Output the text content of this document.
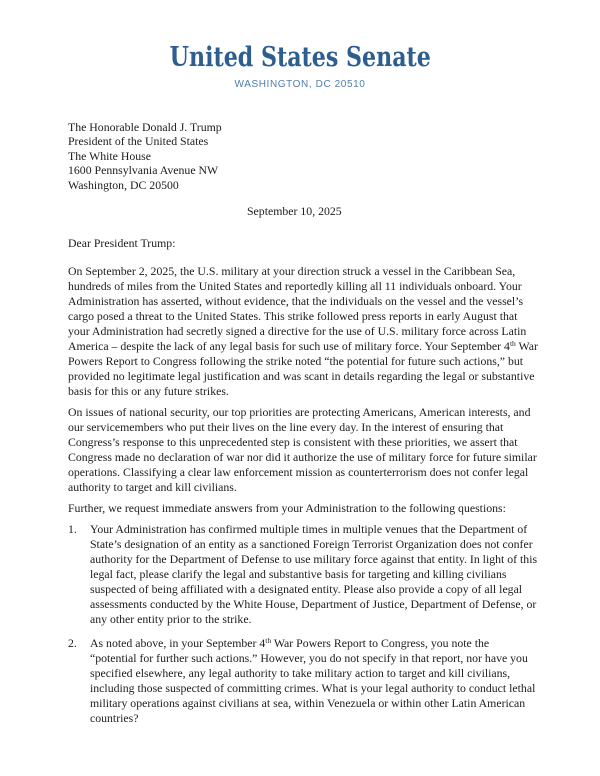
United States Senate
WASHINGTON, DC 20510
The Honorable Donald J. Trump
President of the United States
The White House
1600 Pennsylvania Avenue NW
Washington, DC 20500
September 10, 2025
Dear President Trump:

On September 2, 2025, the U.S. military at your direction struck a vessel in the Caribbean Sea, hundreds of miles from the United States and reportedly killing all 11 individuals onboard. Your Administration has asserted, without evidence, that the individuals on the vessel and the vessel’s cargo posed a threat to the United States. This strike followed press reports in early August that your Administration had secretly signed a directive for the use of U.S. military force across Latin America – despite the lack of any legal basis for such use of military force. Your September 4th War Powers Report to Congress following the strike noted “the potential for future such actions,” but provided no legitimate legal justification and was scant in details regarding the legal or substantive basis for this or any future strikes.

On issues of national security, our top priorities are protecting Americans, American interests, and our servicemembers who put their lives on the line every day. In the interest of ensuring that Congress’s response to this unprecedented step is consistent with these priorities, we assert that Congress made no declaration of war nor did it authorize the use of military force for future similar operations. Classifying a clear law enforcement mission as counterterrorism does not confer legal authority to target and kill civilians.

Further, we request immediate answers from your Administration to the following questions:

1.	Your Administration has confirmed multiple times in multiple venues that the Department of State’s designation of an entity as a sanctioned Foreign Terrorist Organization does not confer authority for the Department of Defense to use military force against that entity. In light of this legal fact, please clarify the legal and substantive basis for targeting and killing civilians suspected of being affiliated with a designated entity. Please also provide a copy of all legal assessments conducted by the White House, Department of Justice, Department of Defense, or any other entity prior to the strike.
2.	As noted above, in your September 4th War Powers Report to Congress, you note the “potential for further such actions.” However, you do not specify in that report, nor have you specified elsewhere, any legal authority to take military action to target and kill civilians, including those suspected of committing crimes. What is your legal authority to conduct lethal military operations against civilians at sea, within Venezuela or within other Latin American countries?
